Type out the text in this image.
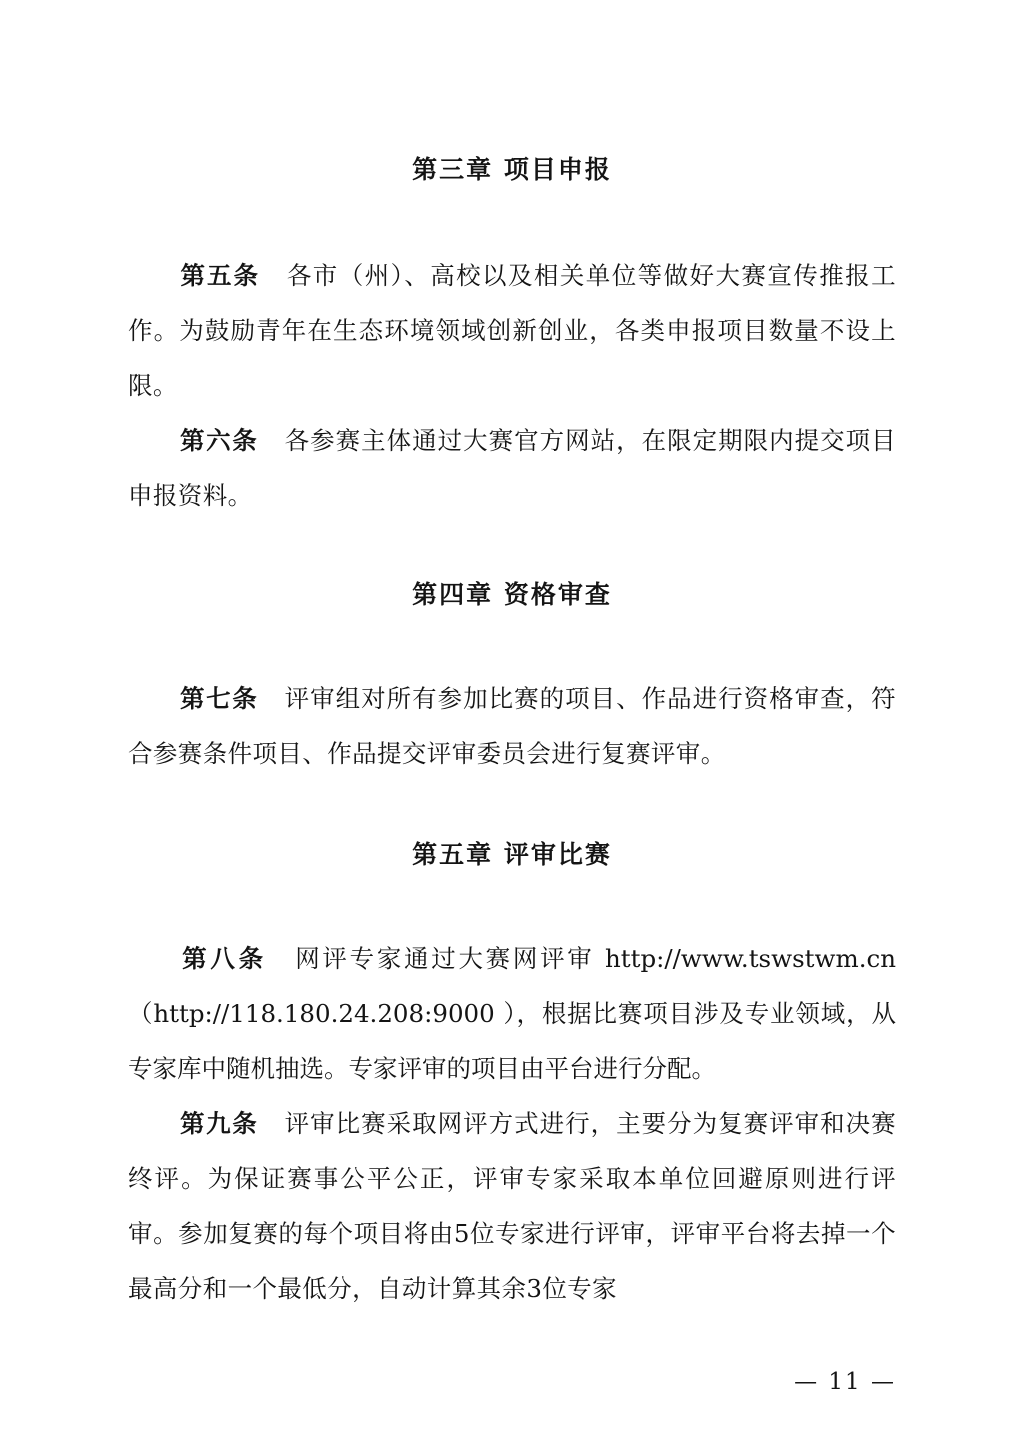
第三章 项目申报

第五条 各市（州）、高校以及相关单位等做好大赛宣传推报工作。为鼓励青年在生态环境领域创新创业，各类申报项目数量不设上限。

第六条 各参赛主体通过大赛官方网站，在限定期限内提交项目申报资料。

第四章 资格审查

第七条 评审组对所有参加比赛的项目、作品进行资格审查，符合参赛条件项目、作品提交评审委员会进行复赛评审。

第五章 评审比赛

第八条 网评专家通过大赛网评审 http://www.tswstwm.cn（http://118.180.24.208:9000 ），根据比赛项目涉及专业领域，从专家库中随机抽选。专家评审的项目由平台进行分配。

第九条 评审比赛采取网评方式进行，主要分为复赛评审和决赛终评。为保证赛事公平公正，评审专家采取本单位回避原则进行评审。参加复赛的每个项目将由5位专家进行评审，评审平台将去掉一个最高分和一个最低分，自动计算其余3位专家

— 11 —
